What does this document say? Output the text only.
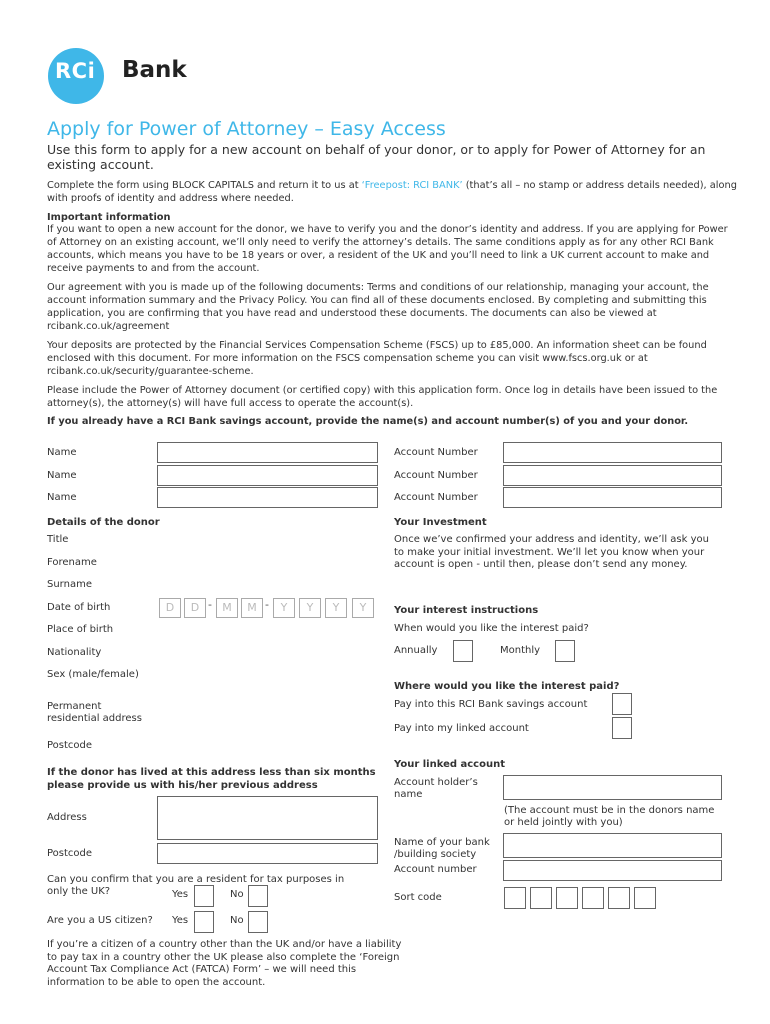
RCi Bank
Apply for Power of Attorney – Easy Access
Use this form to apply for a new account on behalf of your donor, or to apply for Power of Attorney for an existing account.
Complete the form using BLOCK CAPITALS and return it to us at ‘Freepost: RCI BANK’ (that’s all – no stamp or address details needed), along with proofs of identity and address where needed.
Important information
If you want to open a new account for the donor, we have to verify you and the donor’s identity and address. If you are applying for Power of Attorney on an existing account, we’ll only need to verify the attorney’s details. The same conditions apply as for any other RCI Bank accounts, which means you have to be 18 years or over, a resident of the UK and you’ll need to link a UK current account to make and receive payments to and from the account.
Our agreement with you is made up of the following documents: Terms and conditions of our relationship, managing your account, the account information summary and the Privacy Policy. You can find all of these documents enclosed. By completing and submitting this application, you are confirming that you have read and understood these documents. The documents can also be viewed at rcibank.co.uk/agreement
Your deposits are protected by the Financial Services Compensation Scheme (FSCS) up to £85,000. An information sheet can be found enclosed with this document. For more information on the FSCS compensation scheme you can visit www.fscs.org.uk or at rcibank.co.uk/security/guarantee-scheme.
Please include the Power of Attorney document (or certified copy) with this application form. Once log in details have been issued to the attorney(s), the attorney(s) will have full access to operate the account(s).
If you already have a RCI Bank savings account, provide the name(s) and account number(s) of you and your donor.
Name	Account Number
Name	Account Number
Name	Account Number
Details of the donor
Title
Forename
Surname
Date of birth	D	D - M	M -	Y	Y	Y	Y
Place of birth
Nationality
Sex (male/female)
Permanent residential address
Postcode
If the donor has lived at this address less than six months please provide us with his/her previous address
Address
Postcode
Can you confirm that you are a resident for tax purposes in only the UK?	Yes	No
Are you a US citizen? Yes	No
If you’re a citizen of a country other than the UK and/or have a liability to pay tax in a country other the UK please also complete the ‘Foreign Account Tax Compliance Act (FATCA) Form’ – we will need this information to be able to open the account.
Your Investment
Once we’ve confirmed your address and identity, we’ll ask you to make your initial investment. We’ll let you know when your account is open - until then, please don’t send any money.
Your interest instructions
When would you like the interest paid?
Annually	Monthly
Where would you like the interest paid?
Pay into this RCI Bank savings account
Pay into my linked account
Your linked account
Account holder’s name
(The account must be in the donors name or held jointly with you)
Name of your bank /building society
Account number
Sort code
